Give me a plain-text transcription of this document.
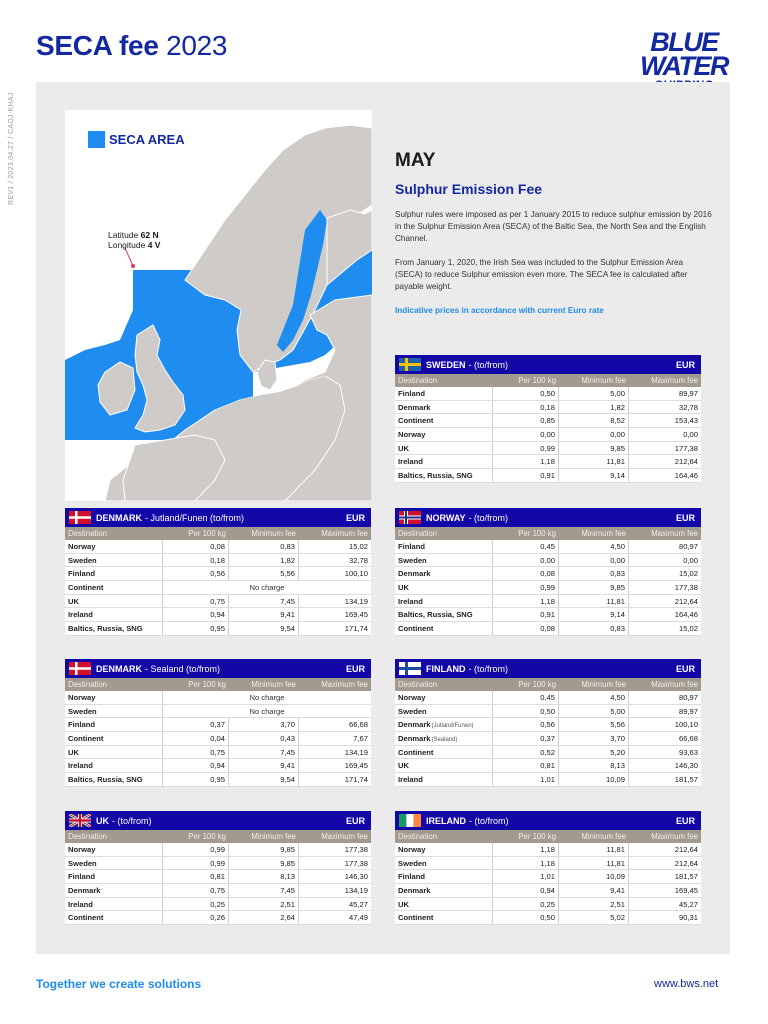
SECA fee 2023	BLUE
WATER
REV1 / 2023.04.27 / CAOJ-KHAJ	SECA AREA
Latitude 62 N
Longitude 4 V
MAY
Sulphur Emission Fee
Sulphur rules were imposed as per 1 January 2015 to reduce sulphur emission by 2016 in the Sulphur Emission Area (SECA) of the Baltic Sea, the North Sea and the English Channel.
From January 1, 2020, the Irish Sea was included to the Sulphur Emission Area (SECA) to reduce Sulphur emission even more. The SECA fee is calculated after payable weight.
Indicative prices in accordance with current Euro rate
SWEDEN - (to/from)	EUR
Destination	Per 100 kg	Minimum fee	Maximum fee
Finland	0,50	5,00	89,97
Denmark	0,18	1,82	32,78
Continent	0,85	8,52	153,43
Norway	0,00	0,00	0,00
UK	0,99	9,85	177,38
Ireland	1,18	11,81	212,64
Baltics, Russia, SNG	0,91	9,14	164,46
DENMARK - Jutland/Funen (to/from)	EUR
Destination	Per 100 kg	Minimum fee	Maximum fee
Norway	0,08	0,83	15,02
Sweden	0,18	1,82	32,78
Finland	0,56	5,56	100,10
Continent	No charge
UK	0,75	7,45	134,19
Ireland	0,94	9,41	169,45
Baltics, Russia, SNG	0,95	9,54	171,74
NORWAY - (to/from)	EUR
Destination	Per 100 kg	Minimum fee	Maximum fee
Finland	0,45	4,50	80,97
Sweden	0,00	0,00	0,00
Denmark	0,08	0,83	15,02
UK	0,99	9,85	177,38
Ireland	1,18	11,81	212,64
Baltics, Russia, SNG	0,91	9,14	164,46
Continent	0,08	0,83	15,02
DENMARK - Sealand (to/from)	EUR
Destination	Per 100 kg	Minimum fee	Maximum fee
Norway	No charge
Sweden	No charge
Finland	0,37	3,70	66,68
Continent	0,04	0,43	7,67
UK	0,75	7,45	134,19
Ireland	0,94	9,41	169,45
Baltics, Russia, SNG	0,95	9,54	171,74
FINLAND - (to/from)	EUR
Destination	Per 100 kg	Minimum fee	Maximum fee
Norway	0,45	4,50	80,97
Sweden	0,50	5,00	89,97
Denmark(Jutland/Funen)	0,56	5,56	100,10
Denmark(Sealand)	0,37	3,70	66,68
Continent	0,52	5,20	93,63
UK	0,81	8,13	146,30
Ireland	1,01	10,09	181,57
UK - (to/from)	EUR
Destination	Per 100 kg	Minimum fee	Maximum fee
Norway	0,99	9,85	177,38
Sweden	0,99	9,85	177,38
Finland	0,81	8,13	146,30
Denmark	0,75	7,45	134,19
Ireland	0,25	2,51	45,27
Continent	0,26	2,64	47,49
IRELAND - (to/from)	EUR
Destination	Per 100 kg	Minimum fee	Maximum fee
Norway	1,18	11,81	212,64
Sweden	1,18	11,81	212,64
Finland	1,01	10,09	181,57
Denmark	0,94	9,41	169,45
UK	0,25	2,51	45,27
Continent	0,50	5,02	90,31
Together we create solutions	www.bws.net
